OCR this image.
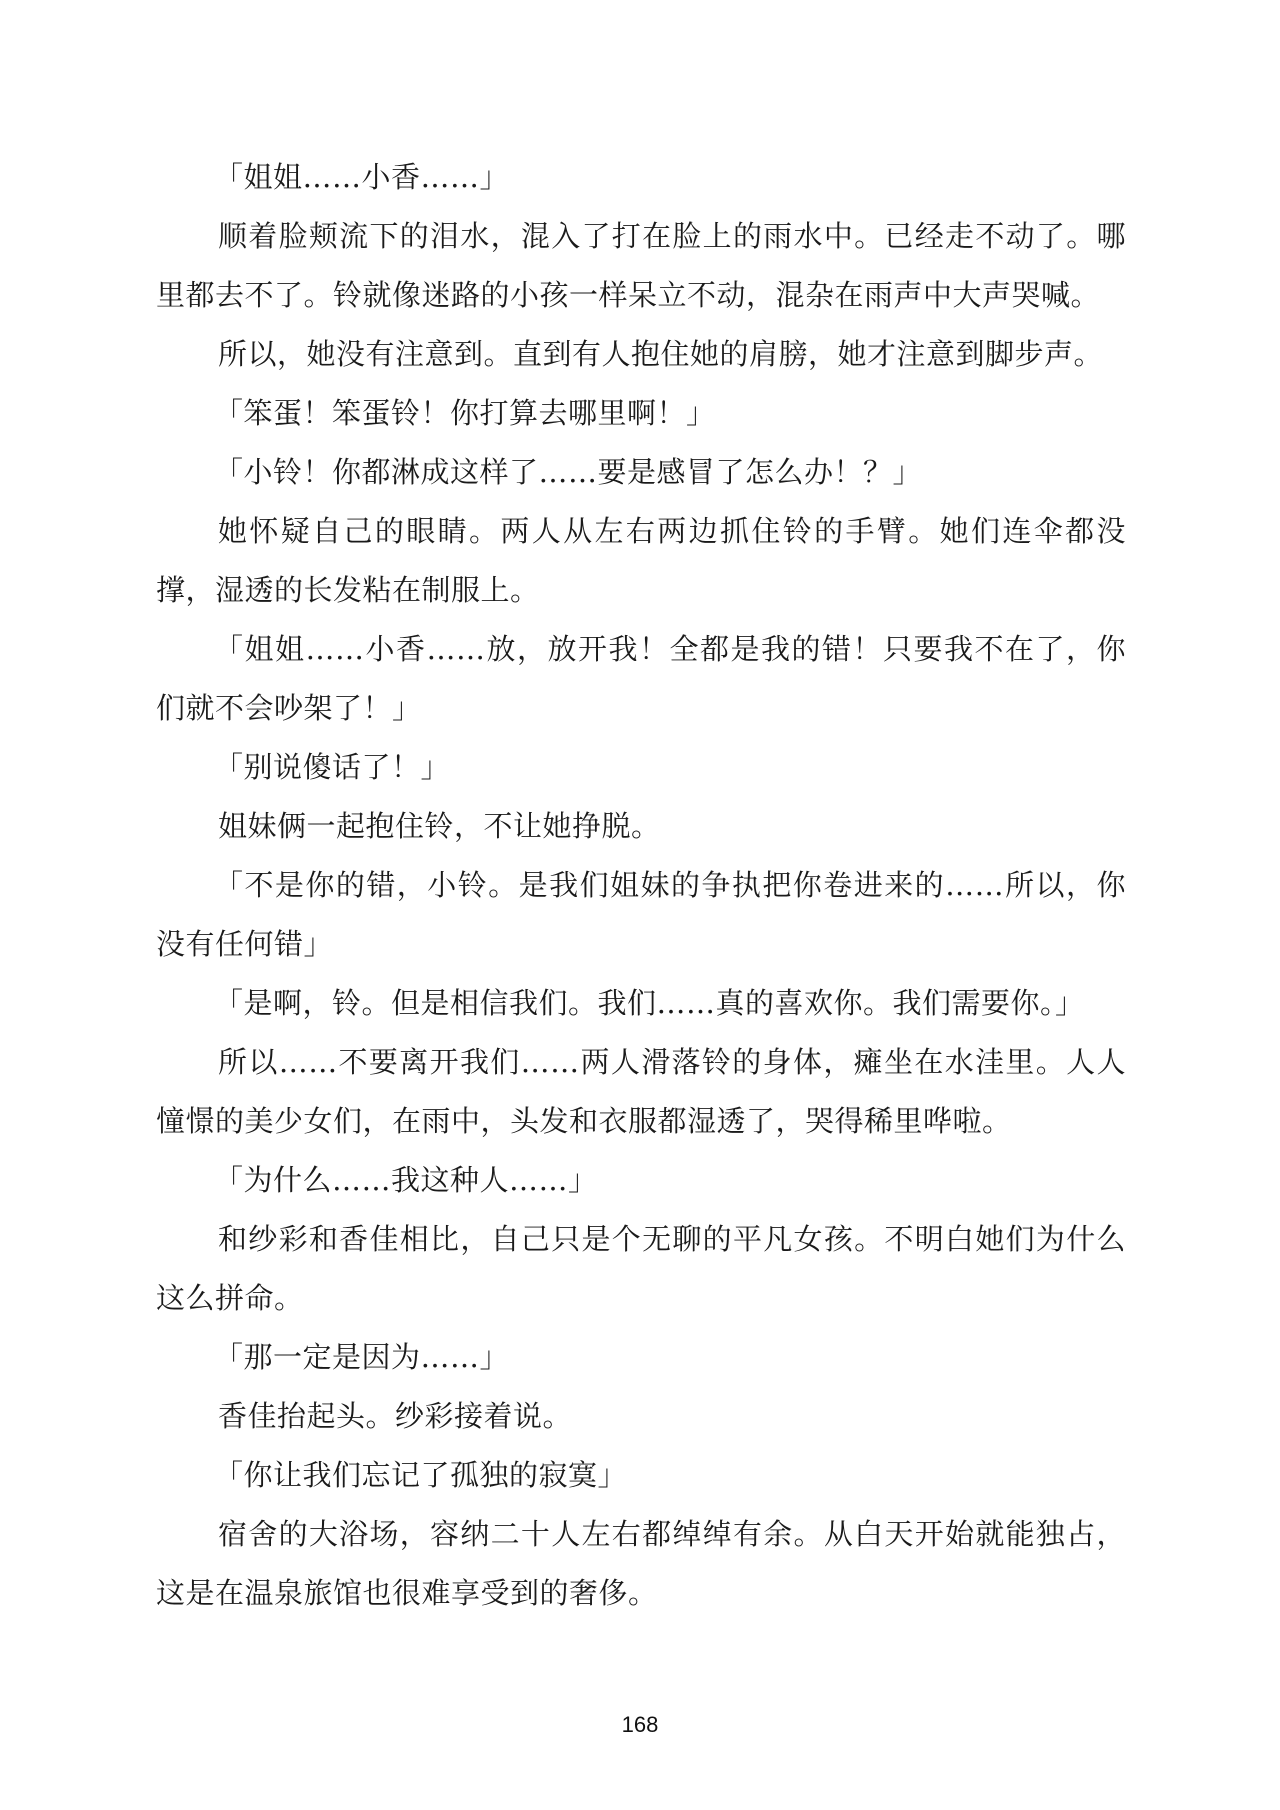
「姐姐……小香……」

顺着脸颊流下的泪水，混入了打在脸上的雨水中。已经走不动了。哪里都去不了。铃就像迷路的小孩一样呆立不动，混杂在雨声中大声哭喊。

所以，她没有注意到。直到有人抱住她的肩膀，她才注意到脚步声。

「笨蛋！笨蛋铃！你打算去哪里啊！」

「小铃！你都淋成这样了……要是感冒了怎么办！？」

她怀疑自己的眼睛。两人从左右两边抓住铃的手臂。她们连伞都没撑，湿透的长发粘在制服上。

「姐姐……小香……放，放开我！全都是我的错！只要我不在了，你们就不会吵架了！」

「别说傻话了！」

姐妹俩一起抱住铃，不让她挣脱。

「不是你的错，小铃。是我们姐妹的争执把你卷进来的……所以，你没有任何错」

「是啊，铃。但是相信我们。我们……真的喜欢你。我们需要你。」

所以……不要离开我们……两人滑落铃的身体，瘫坐在水洼里。人人憧憬的美少女们，在雨中，头发和衣服都湿透了，哭得稀里哗啦。

「为什么……我这种人……」

和纱彩和香佳相比，自己只是个无聊的平凡女孩。不明白她们为什么这么拼命。

「那一定是因为……」

香佳抬起头。纱彩接着说。

「你让我们忘记了孤独的寂寞」

宿舍的大浴场，容纳二十人左右都绰绰有余。从白天开始就能独占，这是在温泉旅馆也很难享受到的奢侈。

168
